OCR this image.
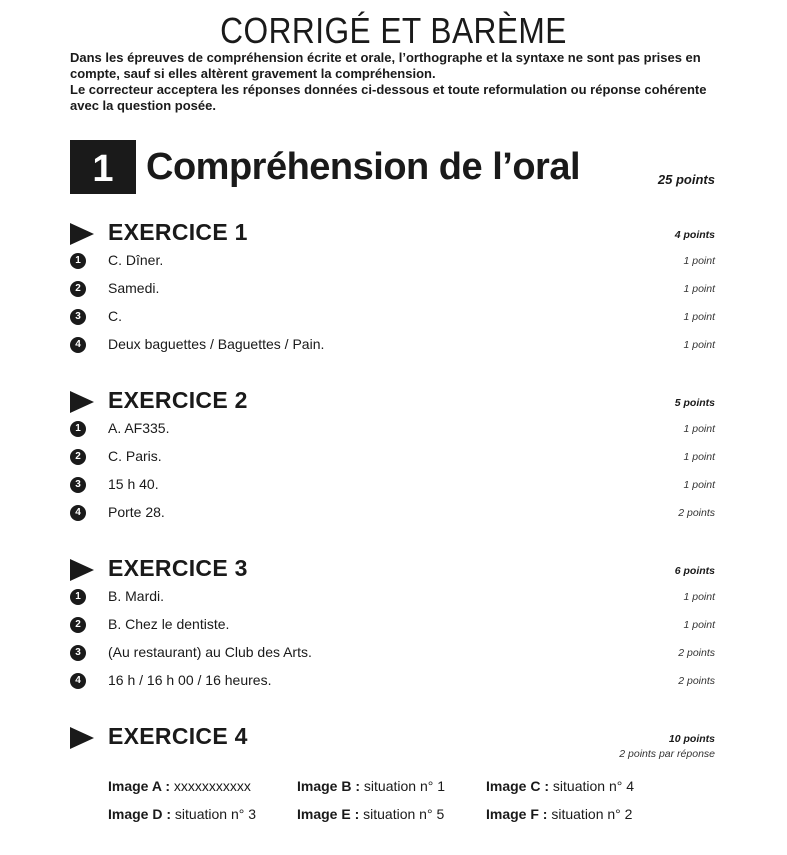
CORRIGÉ ET BARÈME

Dans les épreuves de compréhension écrite et orale, l’orthographe et la syntaxe ne sont pas prises en compte, sauf si elles altèrent gravement la compréhension.

Le correcteur acceptera les réponses données ci-dessous et toute reformulation ou réponse cohérente avec la question posée.

1 Compréhension de l’oral	25 points
EXERCICE 1	4 points
1	C. Dîner.	1 point
2	Samedi.	1 point
3	C.	1 point
4	Deux baguettes / Baguettes / Pain.	1 point
EXERCICE 2	5 points
1	A. AF335.	1 point
2	C. Paris.	1 point
3	15 h 40.	1 point
4	Porte 28.	2 points
EXERCICE 3	6 points
1	B. Mardi.	1 point
2	B. Chez le dentiste.	1 point
3	(Au restaurant) au Club des Arts.	2 points
4	16 h / 16 h 00 / 16 heures.	2 points
EXERCICE 4	10 points
2 points par réponse
Image A : xxxxxxxxxxx	Image B : situation n° 1	Image C : situation n° 4
Image D : situation n° 3	Image E : situation n° 5	Image F : situation n° 2
